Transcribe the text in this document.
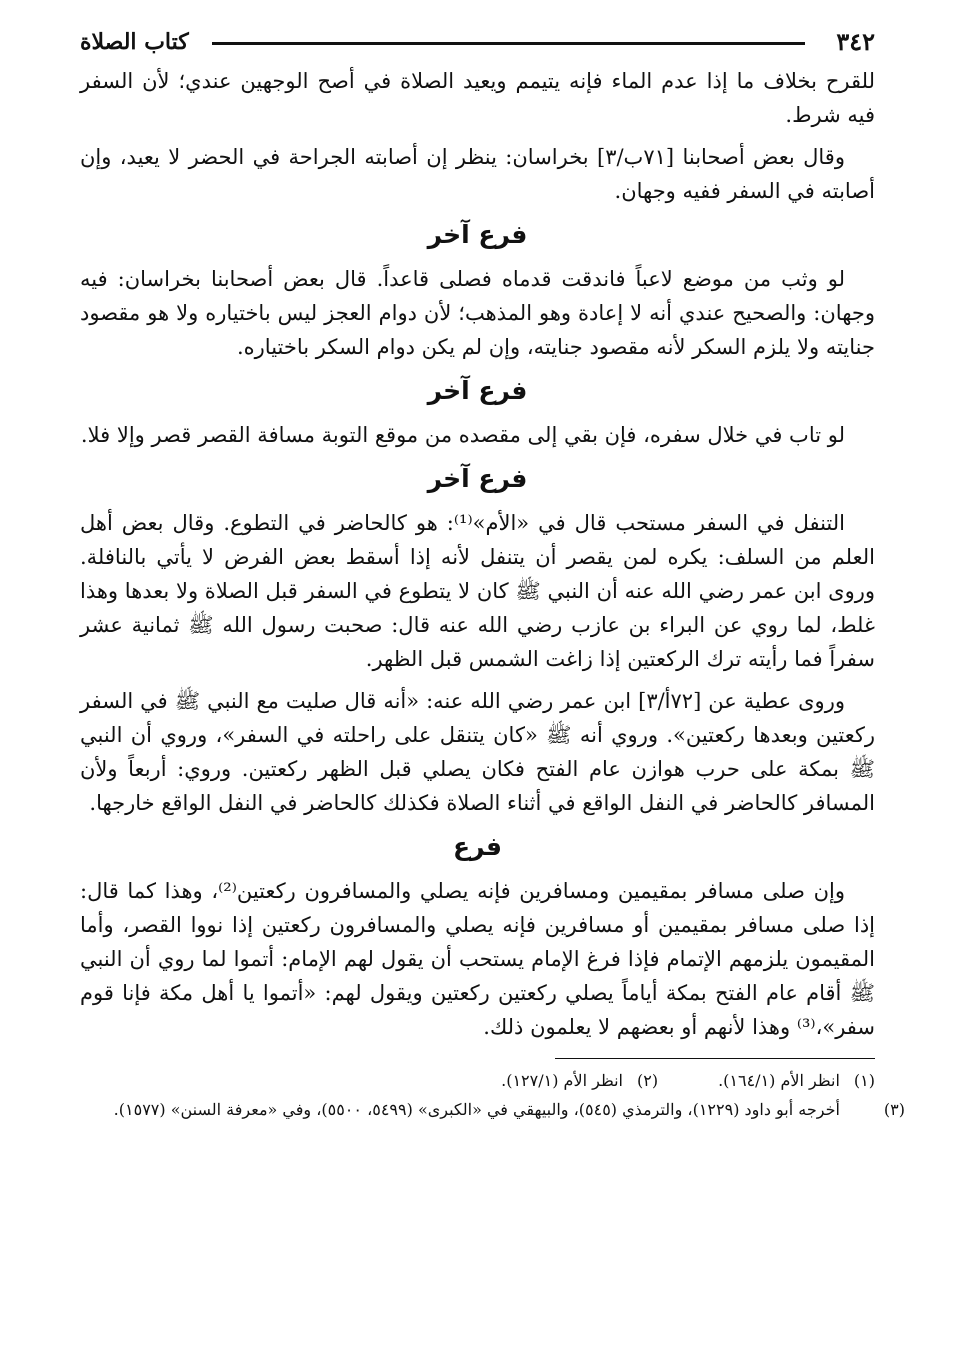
٣٤٢
كتاب الصلاة

للقرح بخلاف ما إذا عدم الماء فإنه يتيمم ويعيد الصلاة في أصح الوجهين عندي؛ لأن السفر فيه شرط.

وقال بعض أصحابنا [٧١ب/٣] بخراسان: ينظر إن أصابته الجراحة في الحضر لا يعيد، وإن أصابته في السفر ففيه وجهان.

فرع آخر

لو وثب من موضع لاعباً فاندقت قدماه فصلى قاعداً. قال بعض أصحابنا بخراسان: فيه وجهان: والصحيح عندي أنه لا إعادة وهو المذهب؛ لأن دوام العجز ليس باختياره ولا هو مقصود جنايته ولا يلزم السكر لأنه مقصود جنايته، وإن لم يكن دوام السكر باختياره.

فرع آخر

لو تاب في خلال سفره، فإن بقي إلى مقصده من موقع التوبة مسافة القصر قصر وإلا فلا.

فرع آخر

التنفل في السفر مستحب قال في «الأم»⁽¹⁾: هو كالحاضر في التطوع. وقال بعض أهل العلم من السلف: يكره لمن يقصر أن يتنفل لأنه إذا أسقط بعض الفرض لا يأتي بالنافلة. وروى ابن عمر رضي الله عنه أن النبي ﷺ كان لا يتطوع في السفر قبل الصلاة ولا بعدها وهذا غلط، لما روي عن البراء بن عازب رضي الله عنه قال: صحبت رسول الله ﷺ ثمانية عشر سفراً فما رأيته ترك الركعتين إذا زاغت الشمس قبل الظهر.

وروى عطية عن [٧٢أ/٣] ابن عمر رضي الله عنه: «أنه قال صليت مع النبي ﷺ في السفر ركعتين وبعدها ركعتين». وروي أنه ﷺ «كان يتنقل على راحلته في السفر»، وروي أن النبي ﷺ بمكة على حرب هوازن عام الفتح فكان يصلي قبل الظهر ركعتين. وروي: أربعاً ولأن المسافر كالحاضر في النفل الواقع في أثناء الصلاة فكذلك كالحاضر في النفل الواقع خارجها.

فرع

وإن صلى مسافر بمقيمين ومسافرين فإنه يصلي والمسافرون ركعتين⁽²⁾، وهذا كما قال: إذا صلى مسافر بمقيمين أو مسافرين فإنه يصلي والمسافرون ركعتين إذا نووا القصر، وأما المقيمون يلزمهم الإتمام فإذا فرغ الإمام يستحب أن يقول لهم الإمام: أتموا لما روي أن النبي ﷺ أقام عام الفتح بمكة أياماً يصلي ركعتين ركعتين ويقول لهم: «أتموا يا أهل مكة فإنا قوم سفر»،⁽³⁾ وهذا لأنهم أو بعضهم لا يعلمون ذلك.

(١) انظر الأم (١٦٤/١).

(٢) انظر الأم (١٢٧/١).

(٣) أخرجه أبو داود (١٢٢٩)، والترمذي (٥٤٥)، والبيهقي في «الكبرى» (٥٤٩٩، ٥٥٠٠)، وفي «معرفة السنن» (١٥٧٧).
